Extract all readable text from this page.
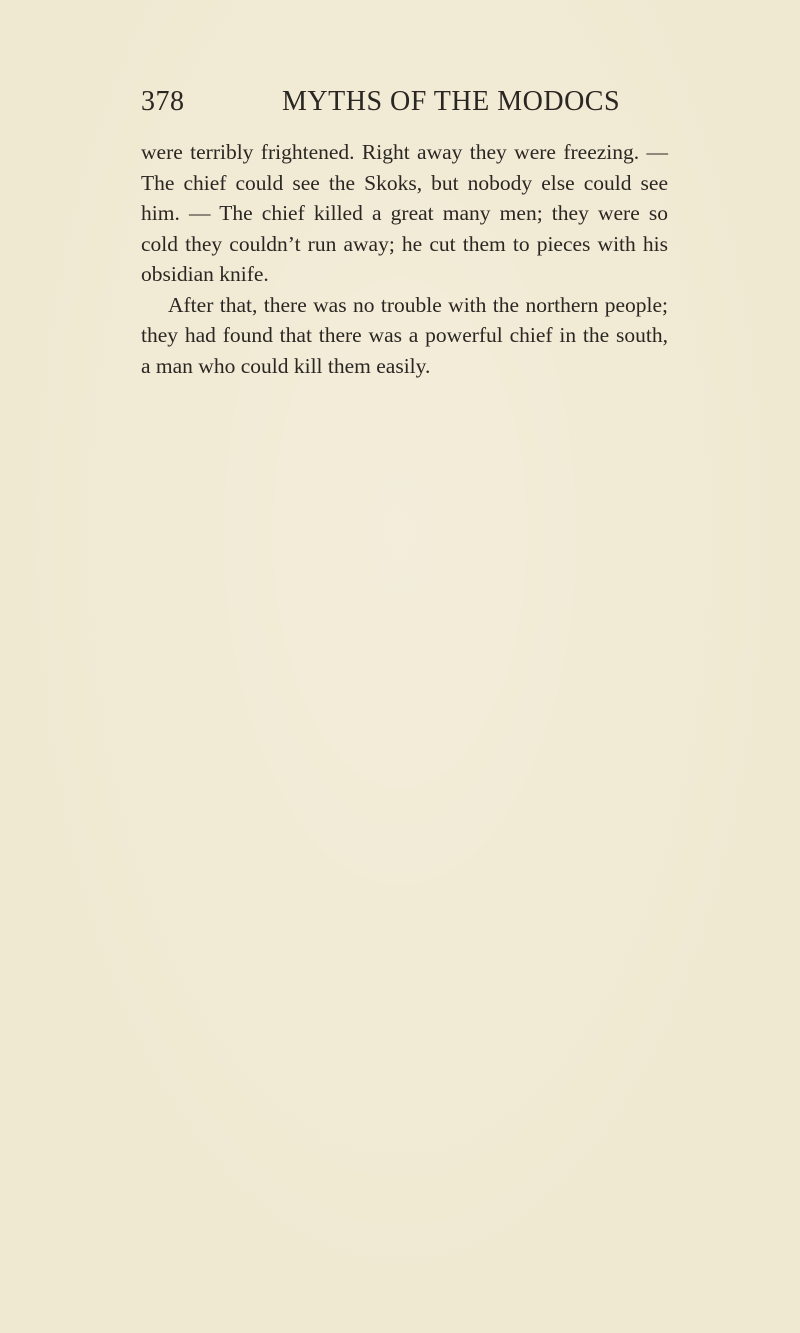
378	MYTHS OF THE MODOCS
were terribly frightened. Right away they were freezing. —
The chief could see the Skoks, but nobody else could see
him. — The chief killed a great many men; they were so
cold they couldn’t run away; he cut them to pieces with his
obsidian knife.
After that, there was no trouble with the northern people;
they had found that there was a powerful chief in the south,
a man who could kill them easily.
